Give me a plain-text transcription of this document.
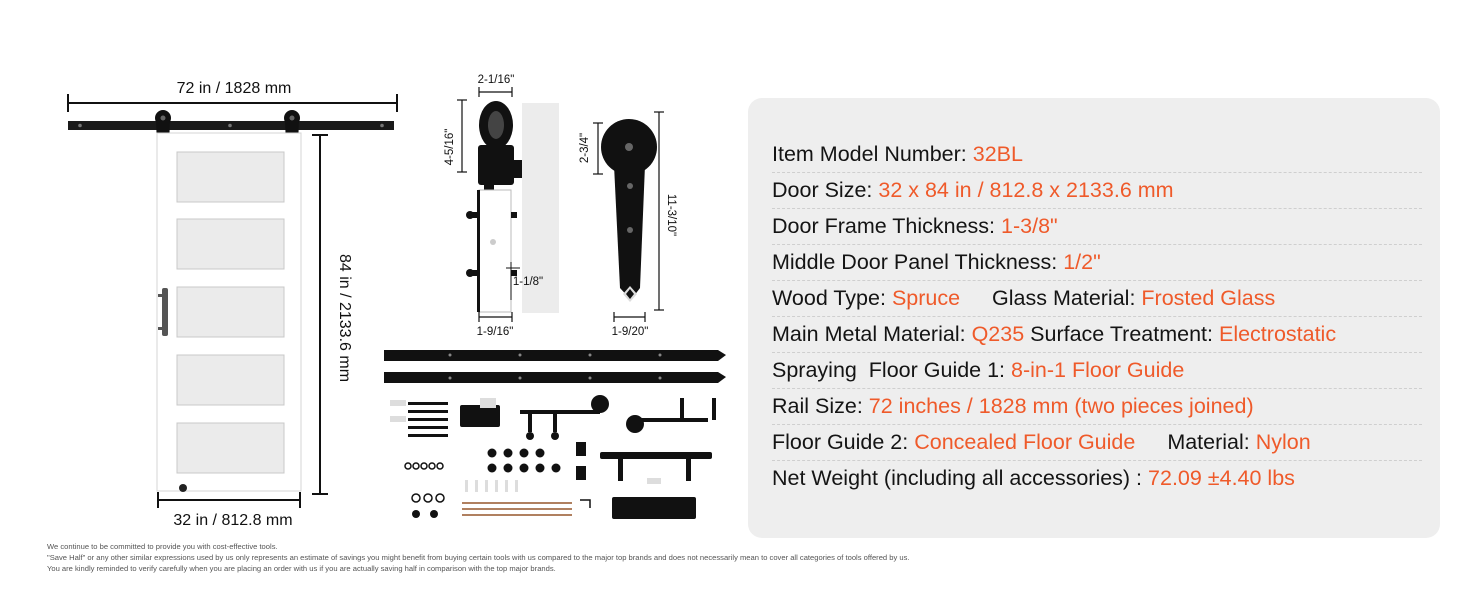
72 in / 1828 mm
84 in / 2133.6 mm
32 in / 812.8 mm
2-1/16"
4-5/16"
1-1/8"
1-9/16"
2-3/4"
11-3/10"
1-9/20"
Item Model Number: 32BL
Door Size: 32 x 84 in / 812.8 x 2133.6 mm
Door Frame Thickness: 1-3/8"
Middle Door Panel Thickness: 1/2"
Wood Type: Spruce Glass Material: Frosted Glass
Main Metal Material: Q235 Surface Treatment: Electrostatic
Spraying  Floor Guide 1: 8-in-1 Floor Guide
Rail Size: 72 inches / 1828 mm (two pieces joined)
Floor Guide 2: Concealed Floor Guide Material: Nylon
Net Weight (including all accessories) : 72.09 ±4.40 lbs
We continue to be committed to provide you with cost-effective tools.
"Save Half" or any other similar expressions used by us only represents an estimate of savings you might benefit from buying certain tools with us compared to the major top brands and does not necessarily mean to cover all categories of tools offered by us.
You are kindly reminded to verify carefully when you are placing an order with us if you are actually saving half in comparison with the top major brands.
